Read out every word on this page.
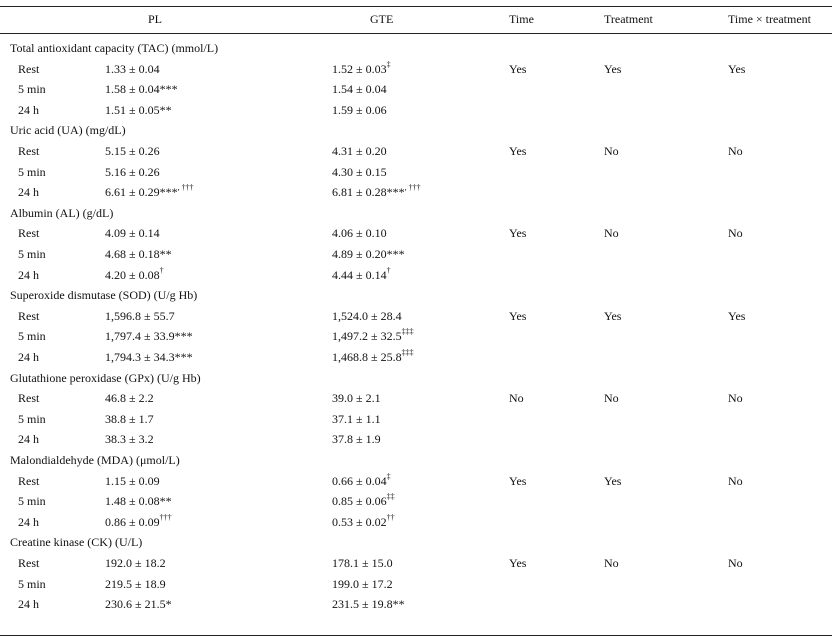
PL	GTE	Time	Treatment	Time × treatment
Total antioxidant capacity (TAC) (mmol/L)
Rest	1.33 ± 0.04	1.52 ± 0.03‡	Yes	Yes	Yes
5 min	1.58 ± 0.04***	1.54 ± 0.04
24 h	1.51 ± 0.05**	1.59 ± 0.06
Uric acid (UA) (mg/dL)
Rest	5.15 ± 0.26	4.31 ± 0.20	Yes	No	No
5 min	5.16 ± 0.26	4.30 ± 0.15
24 h	6.61 ± 0.29***, †††	6.81 ± 0.28***, †††
Albumin (AL) (g/dL)
Rest	4.09 ± 0.14	4.06 ± 0.10	Yes	No	No
5 min	4.68 ± 0.18**	4.89 ± 0.20***
24 h	4.20 ± 0.08†	4.44 ± 0.14†
Superoxide dismutase (SOD) (U/g Hb)
Rest	1,596.8 ± 55.7	1,524.0 ± 28.4	Yes	Yes	Yes
5 min	1,797.4 ± 33.9***	1,497.2 ± 32.5‡‡‡
24 h	1,794.3 ± 34.3***	1,468.8 ± 25.8‡‡‡
Glutathione peroxidase (GPx) (U/g Hb)
Rest	46.8 ± 2.2	39.0 ± 2.1	No	No	No
5 min	38.8 ± 1.7	37.1 ± 1.1
24 h	38.3 ± 3.2	37.8 ± 1.9
Malondialdehyde (MDA) (μmol/L)
Rest	1.15 ± 0.09	0.66 ± 0.04‡	Yes	Yes	No
5 min	1.48 ± 0.08**	0.85 ± 0.06‡‡
24 h	0.86 ± 0.09†††	0.53 ± 0.02††
Creatine kinase (CK) (U/L)
Rest	192.0 ± 18.2	178.1 ± 15.0	Yes	No	No
5 min	219.5 ± 18.9	199.0 ± 17.2
24 h	230.6 ± 21.5*	231.5 ± 19.8**
